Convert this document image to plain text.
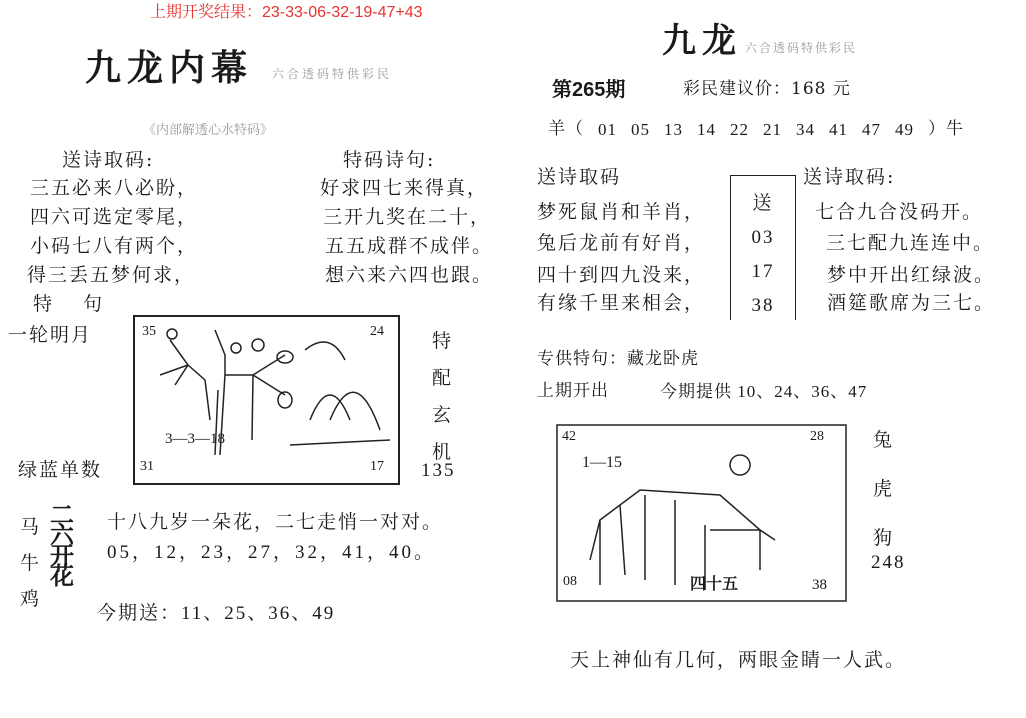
上期开奖结果：23-33-06-32-19-47+43
九龙内幕 六合透码特供彩民
《内部解透心水特码》
送诗取码:	特码诗句:
三五必来八必盼，
四六可选定零尾，
小码七八有两个，
得三丢五梦何求，
好求四七来得真，
三开九奖在二十，
五五成群不成伴。
想六来六四也跟。
特　句
一轮明月
绿蓝单数
35	24
31	17
3—3—18
特
配
玄
机
135
马
牛
鸡
二
六
开
花
十八九岁一朵花，二七走悄一对对。
05，12，23，27，32，41，40。
今期送：11、25、36、49
九龙 六合透码特供彩民
第265期	彩民建议价：168 元
羊（ 01 05 13 14 22 21 34 41 47 49 ）牛
送诗取码	送诗取码:
梦死鼠肖和羊肖，
兔后龙前有好肖，
四十到四九没来，
有缘千里来相会，
七合九合没码开。
三七配九连连中。
梦中开出红绿波。
酒筵歌席为三七。
送
03
17
38
专供特句：藏龙卧虎
上期开出	今期提供 10、24、36、47
42	28
08	38
1—15
四十五
兔
虎
狗
248
天上神仙有几何，两眼金睛一人武。
